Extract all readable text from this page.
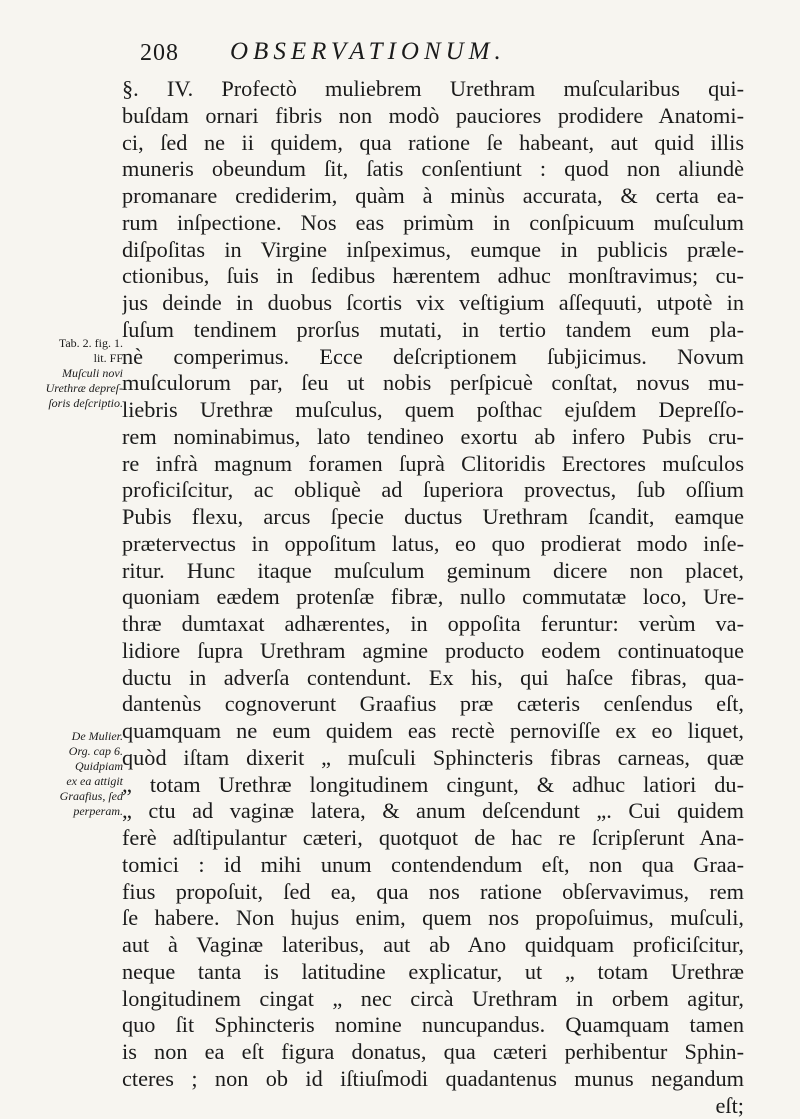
208 OBSERVATIONUM.
Tab. 2. fig. 1.
lit. FF
Muſculi novi
Urethræ depreſ-
ſoris deſcriptio.
De Mulier.
Org. cap 6.
Quidpiam
ex ea attigit
Graafius, ſed
perperam.
§. IV. Profectò muliebrem Urethram muſcularibus qui-
buſdam ornari fibris non modò pauciores prodidere Anatomi-
ci, ſed ne ii quidem, qua ratione ſe habeant, aut quid illis
muneris obeundum ſit, ſatis conſentiunt : quod non aliundè
promanare crediderim, quàm à minùs accurata, & certa ea-
rum inſpectione. Nos eas primùm in conſpicuum muſculum
diſpoſitas in Virgine inſpeximus, eumque in publicis præle-
ctionibus, ſuis in ſedibus hærentem adhuc monſtravimus; cu-
jus deinde in duobus ſcortis vix veſtigium aſſequuti, utpotè in
ſuſum tendinem prorſus mutati, in tertio tandem eum pla-
nè comperimus. Ecce deſcriptionem ſubjicimus. Novum
muſculorum par, ſeu ut nobis perſpicuè conſtat, novus mu-
liebris Urethræ muſculus, quem poſthac ejuſdem Depreſſo-
rem nominabimus, lato tendineo exortu ab infero Pubis cru-
re infrà magnum foramen ſuprà Clitoridis Erectores muſculos
proficiſcitur, ac obliquè ad ſuperiora provectus, ſub oſſium
Pubis flexu, arcus ſpecie ductus Urethram ſcandit, eamque
prætervectus in oppoſitum latus, eo quo prodierat modo inſe-
ritur. Hunc itaque muſculum geminum dicere non placet,
quoniam eædem protenſæ fibræ, nullo commutatæ loco, Ure-
thræ dumtaxat adhærentes, in oppoſita feruntur: verùm va-
lidiore ſupra Urethram agmine producto eodem continuatoque
ductu in adverſa contendunt. Ex his, qui haſce fibras, qua-
dantenùs cognoverunt Graafius præ cæteris cenſendus eſt,
quamquam ne eum quidem eas rectè pernoviſſe ex eo liquet,
quòd iſtam dixerit „ muſculi Sphincteris fibras carneas, quæ
„ totam Urethræ longitudinem cingunt, & adhuc latiori du-
„ ctu ad vaginæ latera, & anum deſcendunt „. Cui quidem
ferè adſtipulantur cæteri, quotquot de hac re ſcripſerunt Ana-
tomici : id mihi unum contendendum eſt, non qua Graa-
fius propoſuit, ſed ea, qua nos ratione obſervavimus, rem
ſe habere. Non hujus enim, quem nos propoſuimus, muſculi,
aut à Vaginæ lateribus, aut ab Ano quidquam proficiſcitur,
neque tanta is latitudine explicatur, ut „ totam Urethræ
longitudinem cingat „ nec circà Urethram in orbem agitur,
quo ſit Sphincteris nomine nuncupandus. Quamquam tamen
is non ea eſt figura donatus, qua cæteri perhibentur Sphin-
cteres ; non ob id iſtiuſmodi quadantenus munus negandum
eſt;
